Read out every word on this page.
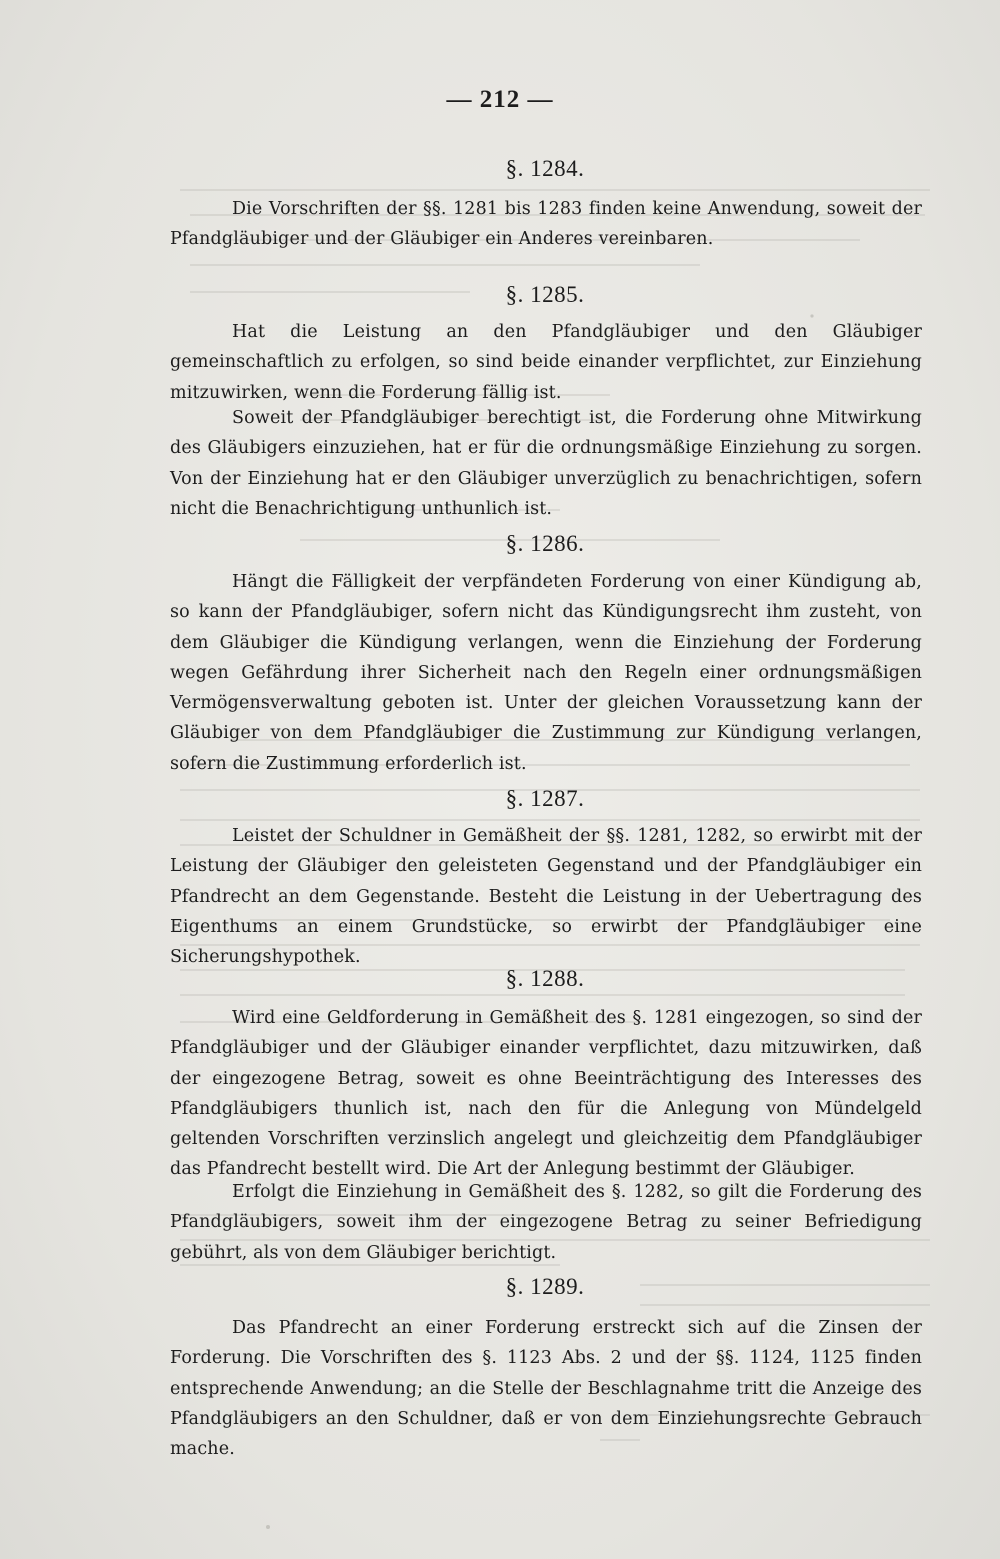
— 212 —
§. 1284.

Die Vorschriften der §§. 1281 bis 1283 finden keine Anwendung, soweit der Pfandgläubiger und der Gläubiger ein Anderes vereinbaren.

§. 1285.

Hat die Leistung an den Pfandgläubiger und den Gläubiger gemeinschaftlich zu erfolgen, so sind beide einander verpflichtet, zur Einziehung mitzuwirken, wenn die Forderung fällig ist.

Soweit der Pfandgläubiger berechtigt ist, die Forderung ohne Mitwirkung des Gläubigers einzuziehen, hat er für die ordnungsmäßige Einziehung zu sorgen. Von der Einziehung hat er den Gläubiger unverzüglich zu benachrichtigen, sofern nicht die Benachrichtigung unthunlich ist.

§. 1286.

Hängt die Fälligkeit der verpfändeten Forderung von einer Kündigung ab, so kann der Pfandgläubiger, sofern nicht das Kündigungsrecht ihm zusteht, von dem Gläubiger die Kündigung verlangen, wenn die Einziehung der Forderung wegen Gefährdung ihrer Sicherheit nach den Regeln einer ordnungsmäßigen Vermögensverwaltung geboten ist. Unter der gleichen Voraussetzung kann der Gläubiger von dem Pfandgläubiger die Zustimmung zur Kündigung verlangen, sofern die Zustimmung erforderlich ist.

§. 1287.

Leistet der Schuldner in Gemäßheit der §§. 1281, 1282, so erwirbt mit der Leistung der Gläubiger den geleisteten Gegenstand und der Pfandgläubiger ein Pfandrecht an dem Gegenstande. Besteht die Leistung in der Uebertragung des Eigenthums an einem Grundstücke, so erwirbt der Pfandgläubiger eine Sicherungshypothek.

§. 1288.

Wird eine Geldforderung in Gemäßheit des §. 1281 eingezogen, so sind der Pfandgläubiger und der Gläubiger einander verpflichtet, dazu mitzuwirken, daß der eingezogene Betrag, soweit es ohne Beeinträchtigung des Interesses des Pfandgläubigers thunlich ist, nach den für die Anlegung von Mündelgeld geltenden Vorschriften verzinslich angelegt und gleichzeitig dem Pfandgläubiger das Pfandrecht bestellt wird. Die Art der Anlegung bestimmt der Gläubiger.

Erfolgt die Einziehung in Gemäßheit des §. 1282, so gilt die Forderung des Pfandgläubigers, soweit ihm der eingezogene Betrag zu seiner Befriedigung gebührt, als von dem Gläubiger berichtigt.

§. 1289.

Das Pfandrecht an einer Forderung erstreckt sich auf die Zinsen der Forderung. Die Vorschriften des §. 1123 Abs. 2 und der §§. 1124, 1125 finden entsprechende Anwendung; an die Stelle der Beschlagnahme tritt die Anzeige des Pfandgläubigers an den Schuldner, daß er von dem Einziehungsrechte Gebrauch mache.
